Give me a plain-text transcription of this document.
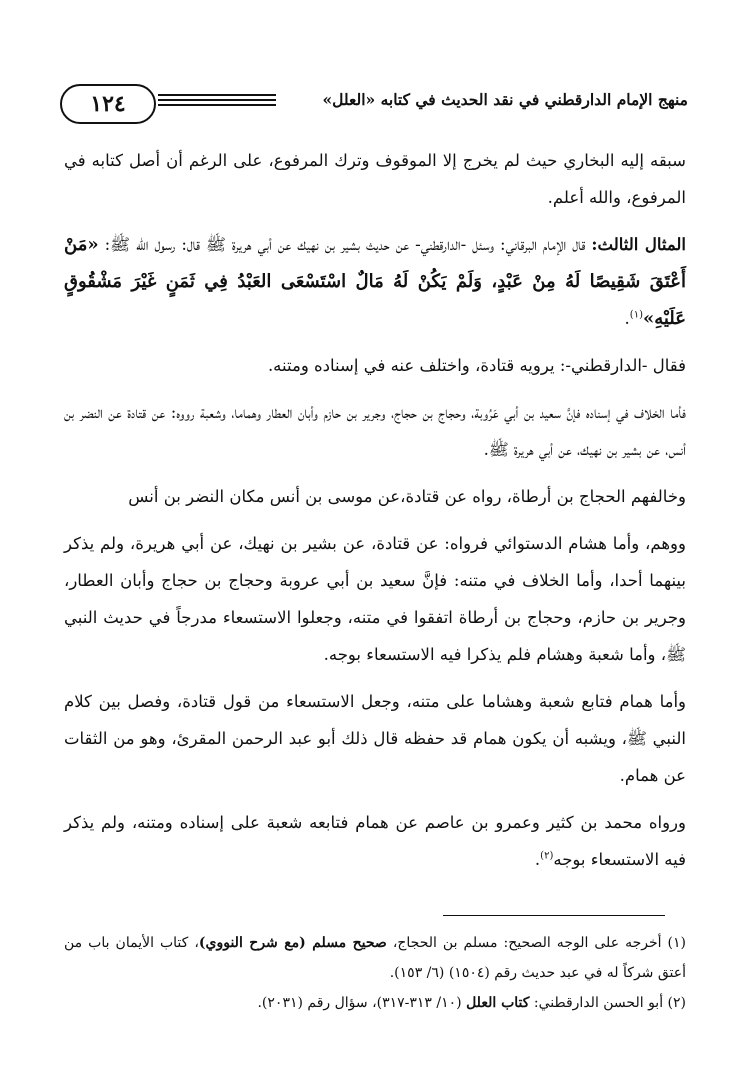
١٢٤	منهج الإمام الدارقطني في نقد الحديث في كتابه «العلل»

سبقه إليه البخاري حيث لم يخرج إلا الموقوف وترك المرفوع، على الرغم أن أصل كتابه في المرفوع، والله أعلم.

المثال الثالث: قال الإمام البرقاني: وسئل -الدارقطني- عن حديث بشير بن نهيك عن أبي هريرة ﷺ قال: رسول الله ﷺ: «مَنْ أَعْتَقَ شَقِيصًا لَهُ مِنْ عَبْدٍ، وَلَمْ يَكُنْ لَهُ مَالٌ اسْتَسْعَى العَبْدُ فِي ثَمَنٍ غَيْرَ مَشْقُوقٍ عَلَيْهِ»$^{(١)}$.

فقال -الدارقطني-: يرويه قتادة، واختلف عنه في إسناده ومتنه.

فأما الخلاف في إسناده فإنَّ سعيد بن أبي عَرُوبة، وحجاج بن حجاج، وجرير بن حازم وأبان العطار وهماما، وشعبة رووه: عن قتادة عن النضر بن أنس، عن بشير بن نهيك، عن أبي هريرة ﷺ.

وخالفهم الحجاج بن أرطاة، رواه عن قتادة،عن موسى بن أنس مكان النضر بن أنس

ووهم، وأما هشام الدستوائي فرواه: عن قتادة، عن بشير بن نهيك، عن أبي هريرة، ولم يذكر بينهما أحدا، وأما الخلاف في متنه: فإنَّ سعيد بن أبي عروبة وحجاج بن حجاج وأبان العطار، وجرير بن حازم، وحجاج بن أرطاة اتفقوا في متنه، وجعلوا الاستسعاء مدرجاً في حديث النبي ﷺ، وأما شعبة وهشام فلم يذكرا فيه الاستسعاء بوجه.

وأما همام فتابع شعبة وهشاما على متنه، وجعل الاستسعاء من قول قتادة، وفصل بين كلام النبي ﷺ، ويشبه أن يكون همام قد حفظه قال ذلك أبو عبد الرحمن المقرئ، وهو من الثقات عن همام.

ورواه محمد بن كثير وعمرو بن عاصم عن همام فتابعه شعبة على إسناده ومتنه، ولم يذكر فيه الاستسعاء بوجه$^{(٢)}$.

(١) أخرجه على الوجه الصحيح: مسلم بن الحجاج، صحيح مسلم (مع شرح النووي)، كتاب الأيمان باب من أعتق شركاً له في عبد حديث رقم (١٥٠٤) (٦/ ١٥٣).

(٢) أبو الحسن الدارقطني: كتاب العلل (١٠/ ٣١٣-٣١٧)، سؤال رقم (٢٠٣١).
